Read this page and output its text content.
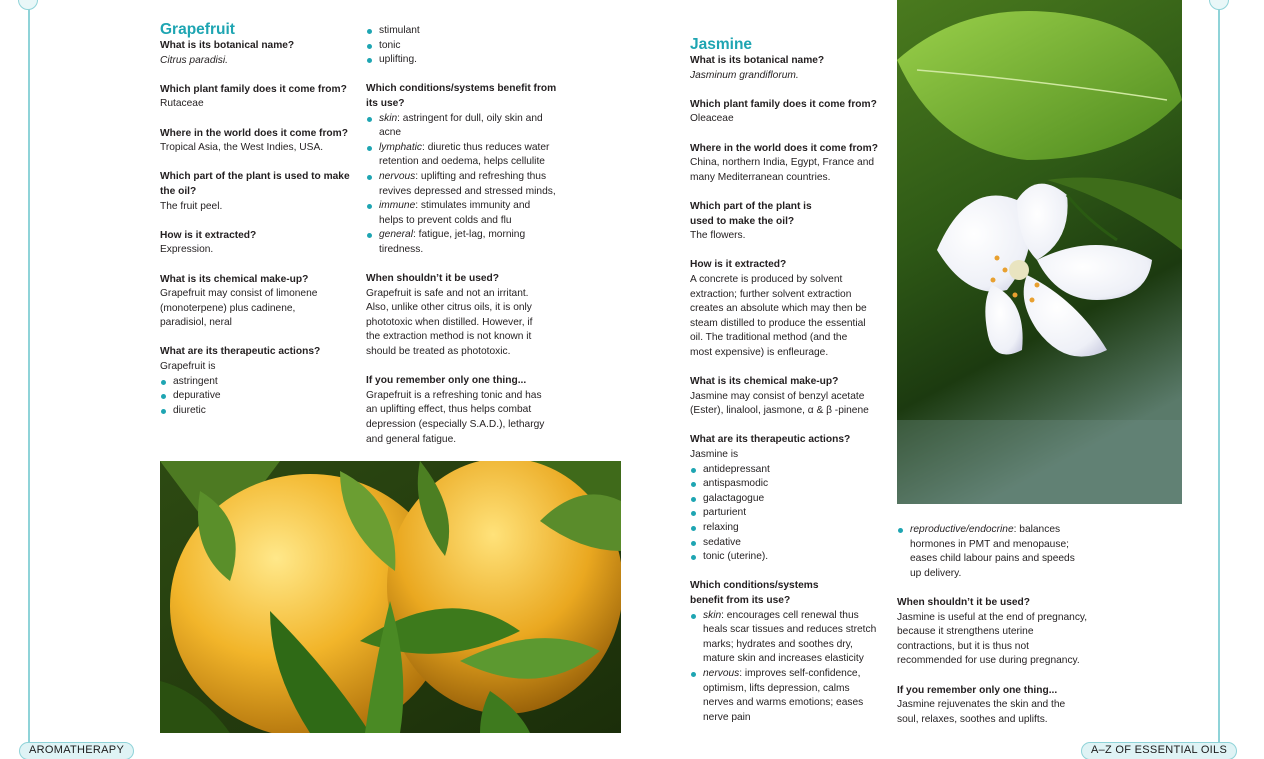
Grapefruit
What is its botanical name?
Citrus paradisi.
Which plant family does it come from?
Rutaceae
Where in the world does it come from?
Tropical Asia, the West Indies, USA.
Which part of the plant is used to make
the oil?
The fruit peel.
How is it extracted?
Expression.
What is its chemical make-up?
Grapefruit may consist of limonene
(monoterpene) plus cadinene,
paradisiol, neral
What are its therapeutic actions?
Grapefruit is
astringent
depurative
diuretic
stimulant
tonic
uplifting.
Which conditions/systems benefit from
its use?
skin: astringent for dull, oily skin and
acne
lymphatic: diuretic thus reduces water
retention and oedema, helps cellulite
nervous: uplifting and refreshing thus
revives depressed and stressed minds,
immune: stimulates immunity and
helps to prevent colds and flu
general: fatigue, jet-lag, morning
tiredness.
When shouldn’t it be used?
Grapefruit is safe and not an irritant.
Also, unlike other citrus oils, it is only
phototoxic when distilled. However, if
the extraction method is not known it
should be treated as phototoxic.
If you remember only one thing...
Grapefruit is a refreshing tonic and has
an uplifting effect, thus helps combat
depression (especially S.A.D.), lethargy
and general fatigue.
Jasmine
What is its botanical name?
Jasminum grandiflorum.
Which plant family does it come from?
Oleaceae
Where in the world does it come from?
China, northern India, Egypt, France and
many Mediterranean countries.
Which part of the plant is
used to make the oil?
The flowers.
How is it extracted?
A concrete is produced by solvent
extraction; further solvent extraction
creates an absolute which may then be
steam distilled to produce the essential
oil. The traditional method (and the
most expensive) is enfleurage.
What is its chemical make-up?
Jasmine may consist of benzyl acetate
(Ester), linalool, jasmone, α & β -pinene
What are its therapeutic actions?
Jasmine is
antidepressant
antispasmodic
galactagogue
parturient
relaxing
sedative
tonic (uterine).
Which conditions/systems
benefit from its use?
skin: encourages cell renewal thus
heals scar tissues and reduces stretch
marks; hydrates and soothes dry,
mature skin and increases elasticity
nervous: improves self-confidence,
optimism, lifts depression, calms
nerves and warms emotions; eases
nerve pain
reproductive/endocrine: balances
hormones in PMT and menopause;
eases child labour pains and speeds
up delivery.
When shouldn’t it be used?
Jasmine is useful at the end of pregnancy,
because it strengthens uterine
contractions, but it is thus not
recommended for use during pregnancy.
If you remember only one thing...
Jasmine rejuvenates the skin and the
soul, relaxes, soothes and uplifts.
AROMATHERAPY	A–Z OF ESSENTIAL OILS
